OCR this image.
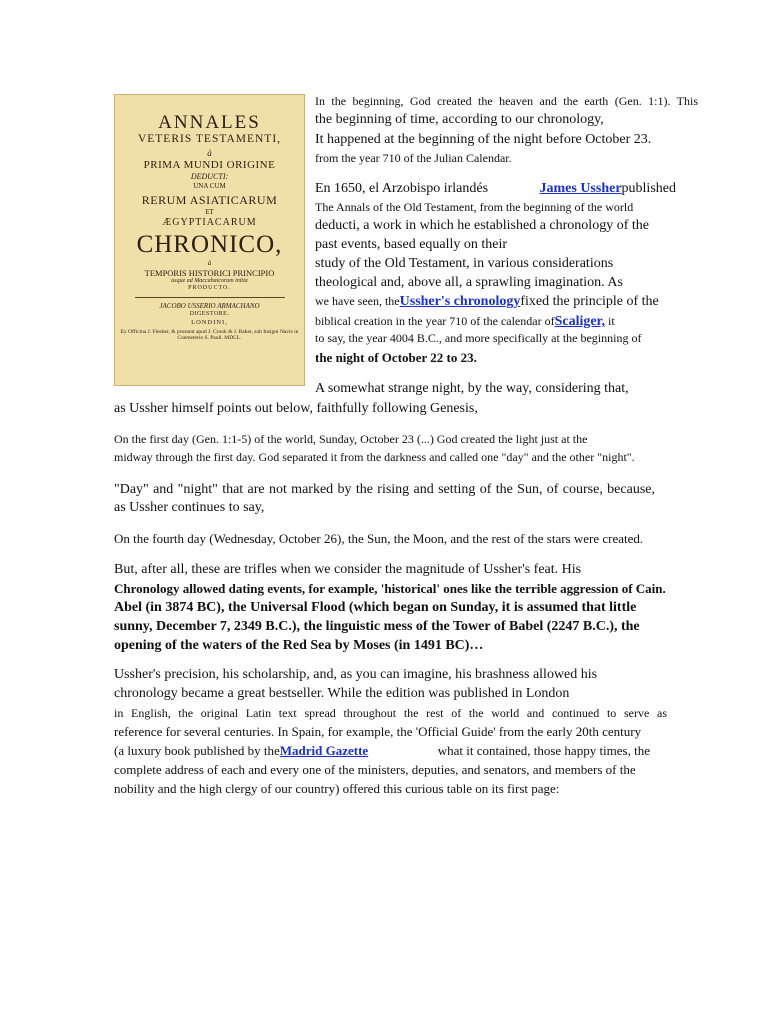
ANNALES
VETERIS TESTAMENTI,
à
PRIMA MUNDI ORIGINE
DEDUCTI:
UNA CUM
RERUM ASIATICARUM
ET
ÆGYPTIACARUM
CHRONICO,
à
TEMPORIS HISTORICI PRINCIPIO
usque ad Maccabaicorum initia
PRODUCTO.
JACOBO USSERIO ARMACHANO
DIGESTORE.
LONDINI,
Ex Officina J. Flesher, & prostant apud J. Crook & J. Baker, sub Insigni Navis in Coemeterio S. Pauli. MDCL.
In the beginning, God created the heaven and the earth (Gen. 1:1). This
the beginning of time, according to our chronology,
It happened at the beginning of the night before October 23.
from the year 710 of the Julian Calendar.
En 1650, el Arzobispo irlandés	James Ussherpublished
The Annals of the Old Testament, from the beginning of the world
deducti, a work in which he established a chronology of the
past events, based equally on their
study of the Old Testament, in various considerations
theological and, above all, a sprawling imagination. As
we have seen, theUssher's chronologyfixed the principle of the
biblical creation in the year 710 of the calendar ofScaliger, it
to say, the year 4004 B.C., and more specifically at the beginning of
the night of October 22 to 23.
A somewhat strange night, by the way, considering that,
as Ussher himself points out below, faithfully following Genesis,
On the first day (Gen. 1:1-5) of the world, Sunday, October 23 (...) God created the light just at the
midway through the first day. God separated it from the darkness and called one "day" and the other "night".
"Day" and "night" that are not marked by the rising and setting of the Sun, of course, because,
as Ussher continues to say,
On the fourth day (Wednesday, October 26), the Sun, the Moon, and the rest of the stars were created.
But, after all, these are trifles when we consider the magnitude of Ussher's feat. His
Chronology allowed dating events, for example, 'historical' ones like the terrible aggression of Cain.
Abel (in 3874 BC), the Universal Flood (which began on Sunday, it is assumed that little
sunny, December 7, 2349 B.C.), the linguistic mess of the Tower of Babel (2247 B.C.), the
opening of the waters of the Red Sea by Moses (in 1491 BC)…
Ussher's precision, his scholarship, and, as you can imagine, his brashness allowed his
chronology became a great bestseller. While the edition was published in London
in English, the original Latin text spread throughout the rest of the world and continued to serve as
reference for several centuries. In Spain, for example, the 'Official Guide' from the early 20th century
(a luxury book published by theMadrid Gazette	what it contained, those happy times, the
complete address of each and every one of the ministers, deputies, and senators, and members of the
nobility and the high clergy of our country) offered this curious table on its first page:
